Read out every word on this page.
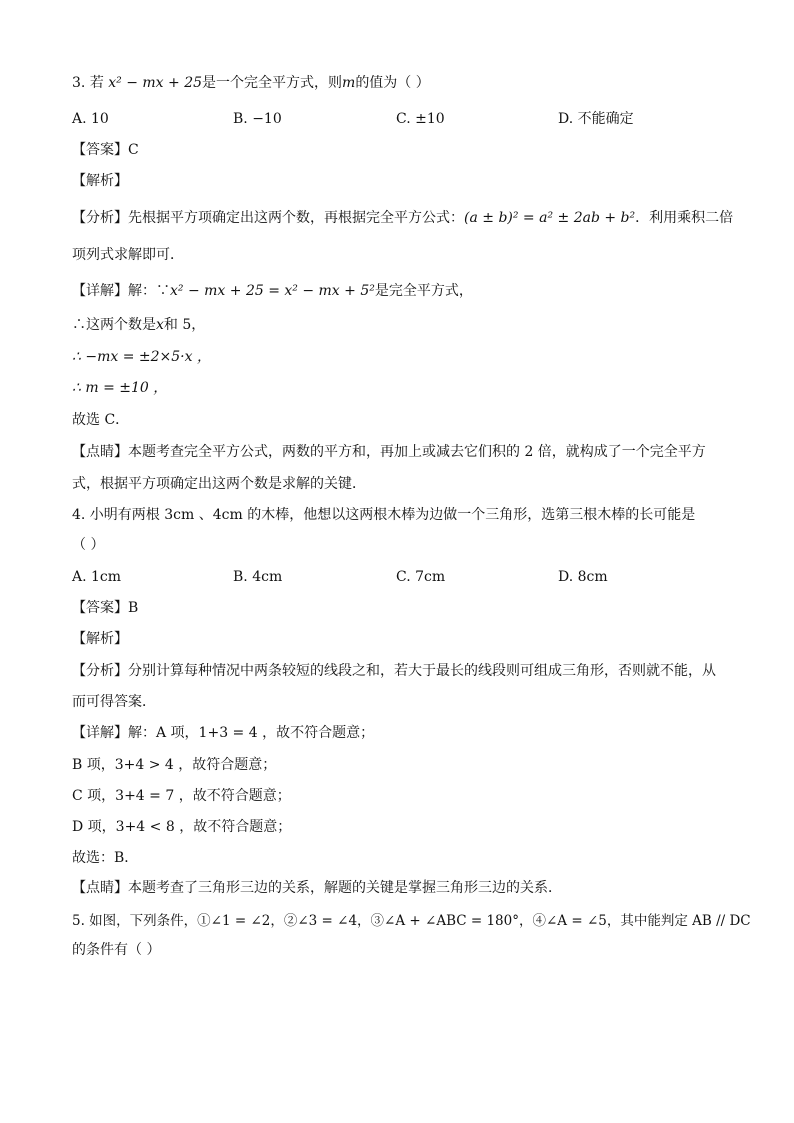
3. 若 x² − mx + 25是一个完全平方式，则m的值为（ ）
A. 10	B. −10	C. ±10	D. 不能确定
【答案】C
【解析】
【分析】先根据平方项确定出这两个数，再根据完全平方公式：(a ± b)² = a² ± 2ab + b²．利用乘积二倍
项列式求解即可．
【详解】解：∵x² − mx + 25 = x² − mx + 5²是完全平方式，
∴这两个数是x和 5，
∴ −mx = ±2×5·x ，
∴ m = ±10 ，
故选 C．
【点睛】本题考查完全平方公式，两数的平方和，再加上或减去它们积的 2 倍，就构成了一个完全平方
式，根据平方项确定出这两个数是求解的关键．
4. 小明有两根 3cm 、4cm 的木棒，他想以这两根木棒为边做一个三角形，选第三根木棒的长可能是
（ ）
A. 1cm	B. 4cm	C. 7cm	D. 8cm
【答案】B
【解析】
【分析】分别计算每种情况中两条较短的线段之和，若大于最长的线段则可组成三角形，否则就不能，从
而可得答案．
【详解】解：A 项，1+3 = 4 ，故不符合题意；
B 项，3+4 > 4 ，故符合题意；
C 项，3+4 = 7 ，故不符合题意；
D 项，3+4 < 8 ，故不符合题意；
故选：B．
【点睛】本题考查了三角形三边的关系，解题的关键是掌握三角形三边的关系．
5. 如图，下列条件，①∠1 = ∠2，②∠3 = ∠4，③∠A + ∠ABC = 180°，④∠A = ∠5，其中能判定 AB // DC
的条件有（ ）
